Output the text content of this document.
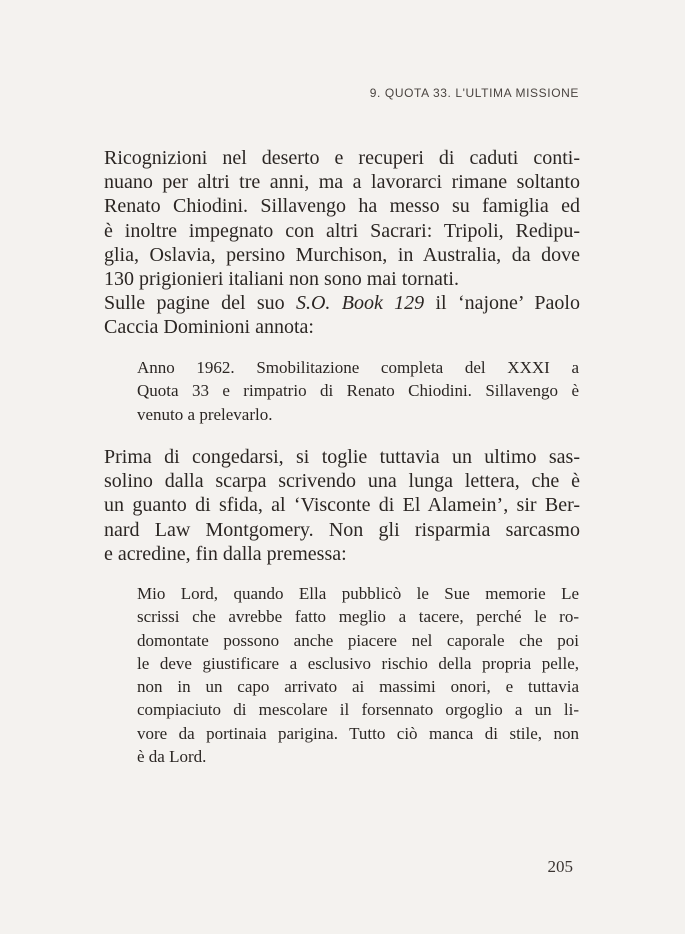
9. QUOTA 33. L'ULTIMA MISSIONE

Ricognizioni nel deserto e recuperi di caduti conti-
nuano per altri tre anni, ma a lavorarci rimane soltanto
Renato Chiodini. Sillavengo ha messo su famiglia ed
è inoltre impegnato con altri Sacrari: Tripoli, Redipu-
glia, Oslavia, persino Murchison, in Australia, da dove
130 prigionieri italiani non sono mai tornati.

Sulle pagine del suo S.O. Book 129 il ‘najone’ Paolo
Caccia Dominioni annota:

Anno 1962. Smobilitazione completa del XXXI a
Quota 33 e rimpatrio di Renato Chiodini. Sillavengo è
venuto a prelevarlo.

Prima di congedarsi, si toglie tuttavia un ultimo sas-
solino dalla scarpa scrivendo una lunga lettera, che è
un guanto di sfida, al ‘Visconte di El Alamein’, sir Ber-
nard Law Montgomery. Non gli risparmia sarcasmo
e acredine, fin dalla premessa:

Mio Lord, quando Ella pubblicò le Sue memorie Le
scrissi che avrebbe fatto meglio a tacere, perché le ro-
domontate possono anche piacere nel caporale che poi
le deve giustificare a esclusivo rischio della propria pelle,
non in un capo arrivato ai massimi onori, e tuttavia
compiaciuto di mescolare il forsennato orgoglio a un li-
vore da portinaia parigina. Tutto ciò manca di stile, non
è da Lord.

205
